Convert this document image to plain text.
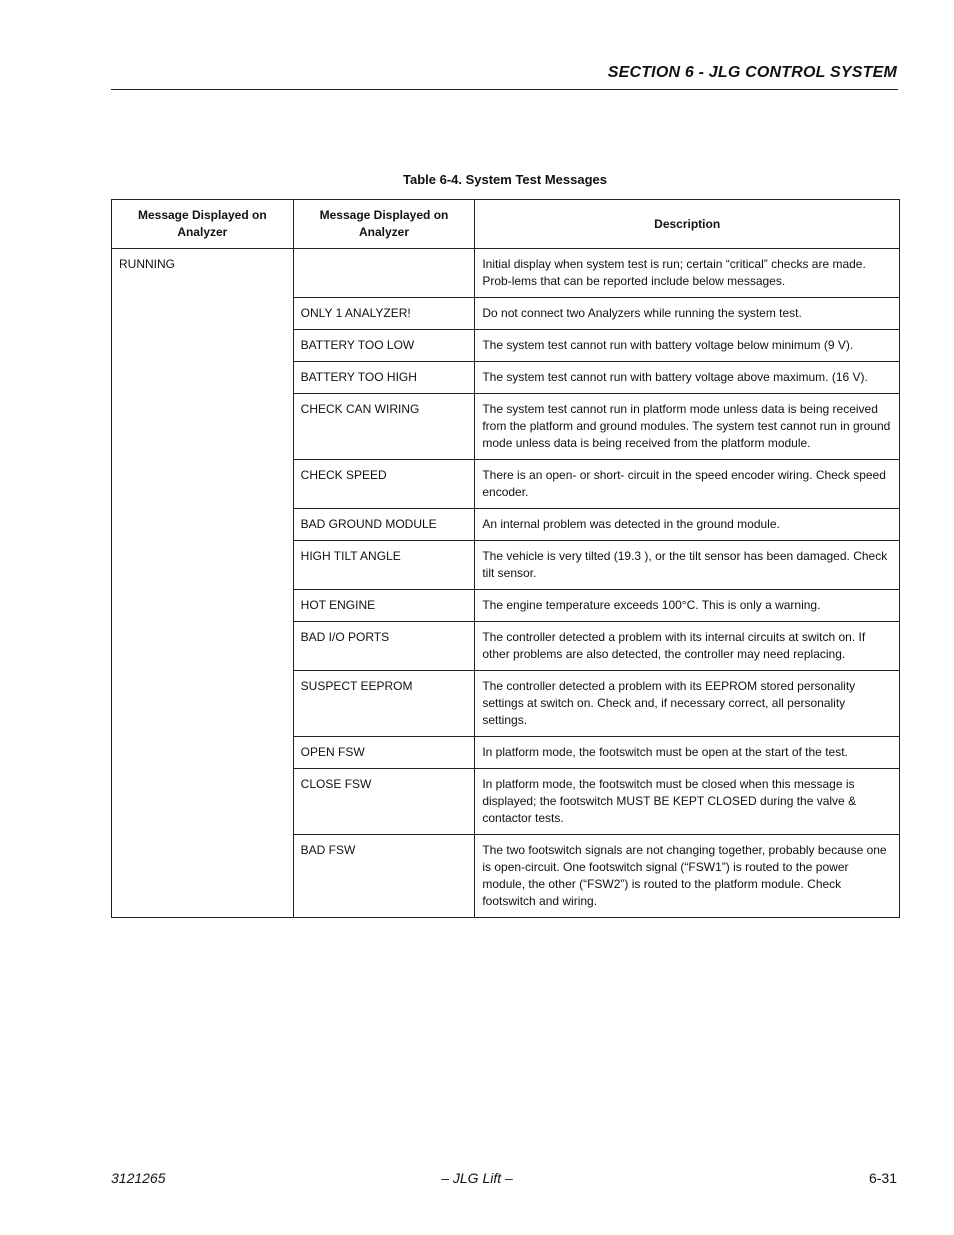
SECTION 6 - JLG CONTROL SYSTEM
Table 6-4. System Test Messages
Message Displayed on Analyzer	Message Displayed on Analyzer	Description
RUNNING		Initial display when system test is run; certain “critical” checks are made. Prob-lems that can be reported include below messages.
	ONLY 1 ANALYZER!	Do not connect two Analyzers while running the system test.
	BATTERY TOO LOW	The system test cannot run with battery voltage below minimum (9 V).
	BATTERY TOO HIGH	The system test cannot run with battery voltage above maximum. (16 V).
	CHECK CAN WIRING	The system test cannot run in platform mode unless data is being received from the platform and ground modules. The system test cannot run in ground mode unless data is being received from the platform module.
	CHECK SPEED	There is an open- or short- circuit in the speed encoder wiring. Check speed encoder.
	BAD GROUND MODULE	An internal problem was detected in the ground module.
	HIGH TILT ANGLE	The vehicle is very tilted (19.3 ), or the tilt sensor has been damaged. Check tilt sensor.
	HOT ENGINE	The engine temperature exceeds 100°C. This is only a warning.
	BAD I/O PORTS	The controller detected a problem with its internal circuits at switch on. If other problems are also detected, the controller may need replacing.
	SUSPECT EEPROM	The controller detected a problem with its EEPROM stored personality settings at switch on. Check and, if necessary correct, all personality settings.
	OPEN FSW	In platform mode, the footswitch must be open at the start of the test.
	CLOSE FSW	In platform mode, the footswitch must be closed when this message is displayed; the footswitch MUST BE KEPT CLOSED during the valve & contactor tests.
	BAD FSW	The two footswitch signals are not changing together, probably because one is open-circuit. One footswitch signal (“FSW1”) is routed to the power module, the other (“FSW2”) is routed to the platform module. Check footswitch and wiring.
3121265	– JLG Lift –	6-31
